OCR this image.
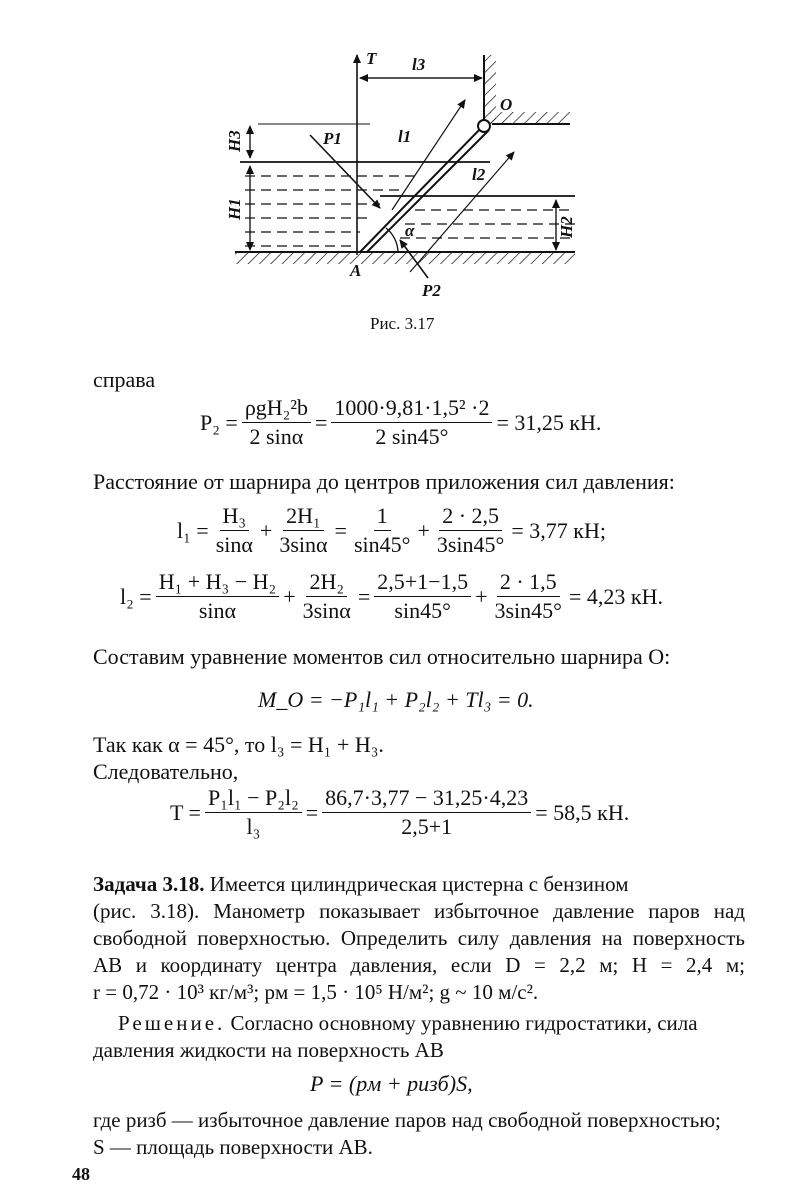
T l3
O
P1	l1
l2
α
A
P2
H3
H1
H2
Рис. 3.17
справа
$P_2 = \frac{\text{ρgH₂²b}}{2 \sin\alpha} = \frac{\text{1000·9,81·1,5² ·2}}{2 \sin 45^\circ} = 31,25$ кН.
Расстояние от шарнира до центров приложения сил давления:
$l_1 = \frac{\text{H₃}}{\sin\alpha} + \frac{\text{2H₁}}{3\sin\alpha} = \frac{1}{\sin 45^\circ} + \frac{2 \cdot 2,5}{3\sin 45^\circ} = 3,77$ кН;
$l_2 = \frac{\text{H₁ + H₃ − H₂}}{\sin\alpha} + \frac{\text{2H₂}}{3\sin\alpha} = \frac{2,5+1-1,5}{\sin 45^\circ} + \frac{2 \cdot 1,5}{3\sin 45^\circ} = 4,23$ кН.
Составим уравнение моментов сил относительно шарнира O:
M_O = −P₁l₁ + P₂l₂ + Tl₃ = 0.
Так как α = 45°, то l₃ = H₁ + H₃.
Следовательно,
$T = \frac{\text{P₁l₁ − P₂l₂}}{\text{l₃}} = \frac{86,7\cdot 3,77 - 31,25\cdot 4,23}{2,5+1} = 58,5$ кН.
Задача 3.18. Имеется цилиндрическая цистерна с бензином
(рис. 3.18). Манометр показывает избыточное давление паров над
свободной поверхностью. Определить силу давления на поверхность
AB и координату центра давления, если D = 2,2 м; H = 2,4 м;
r = 0,72 · 10³ кг/м³; pм = 1,5 · 10⁵ Н/м²; g ~ 10 м/с².
Решение. Согласно основному уравнению гидростатики, сила
давления жидкости на поверхность AB
P = (pм + pизб)S,
где pизб — избыточное давление паров над свободной поверхностью;
S — площадь поверхности AB.
48
